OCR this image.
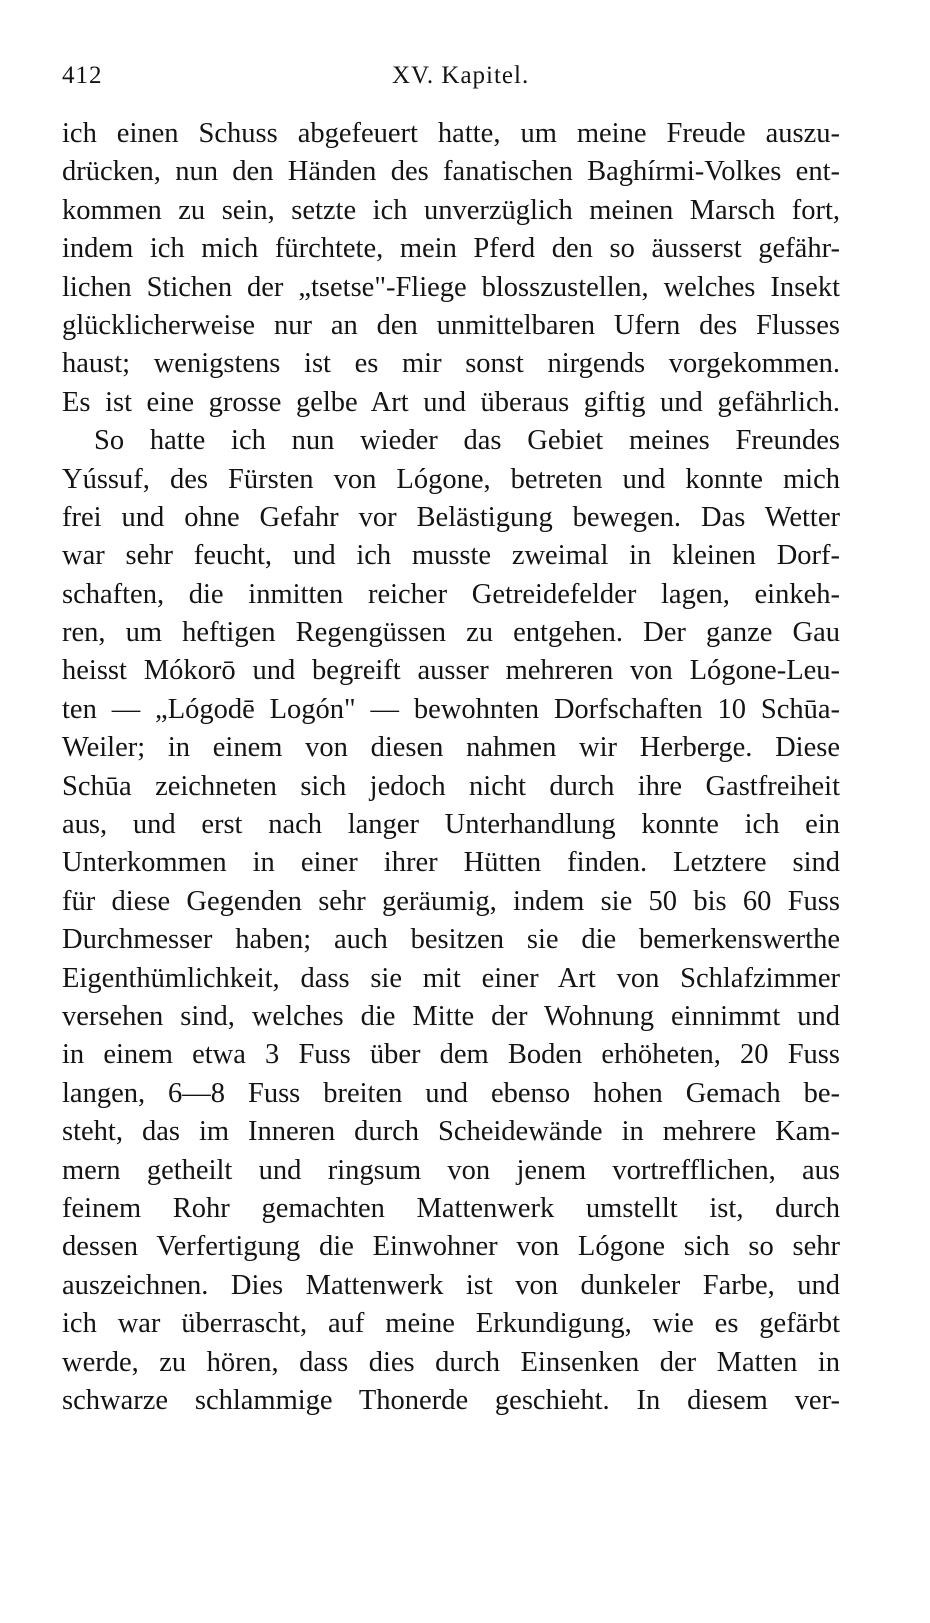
412	XV. Kapitel.
ich einen Schuss abgefeuert hatte, um meine Freude auszu-
drücken, nun den Händen des fanatischen Baghírmi-Volkes ent-
kommen zu sein, setzte ich unverzüglich meinen Marsch fort,
indem ich mich fürchtete, mein Pferd den so äusserst gefähr-
lichen Stichen der „tsetse"-Fliege blosszustellen, welches Insekt
glücklicherweise nur an den unmittelbaren Ufern des Flusses
haust; wenigstens ist es mir sonst nirgends vorgekommen.
Es ist eine grosse gelbe Art und überaus giftig und gefährlich.
So hatte ich nun wieder das Gebiet meines Freundes
Yússuf, des Fürsten von Lógone, betreten und konnte mich
frei und ohne Gefahr vor Belästigung bewegen. Das Wetter
war sehr feucht, und ich musste zweimal in kleinen Dorf-
schaften, die inmitten reicher Getreidefelder lagen, einkeh-
ren, um heftigen Regengüssen zu entgehen. Der ganze Gau
heisst Mókorō und begreift ausser mehreren von Lógone-Leu-
ten — „Lógodē Logón" — bewohnten Dorfschaften 10 Schūa-
Weiler; in einem von diesen nahmen wir Herberge. Diese
Schūa zeichneten sich jedoch nicht durch ihre Gastfreiheit
aus, und erst nach langer Unterhandlung konnte ich ein
Unterkommen in einer ihrer Hütten finden. Letztere sind
für diese Gegenden sehr geräumig, indem sie 50 bis 60 Fuss
Durchmesser haben; auch besitzen sie die bemerkenswerthe
Eigenthümlichkeit, dass sie mit einer Art von Schlafzimmer
versehen sind, welches die Mitte der Wohnung einnimmt und
in einem etwa 3 Fuss über dem Boden erhöheten, 20 Fuss
langen, 6—8 Fuss breiten und ebenso hohen Gemach be-
steht, das im Inneren durch Scheidewände in mehrere Kam-
mern getheilt und ringsum von jenem vortrefflichen, aus
feinem Rohr gemachten Mattenwerk umstellt ist, durch
dessen Verfertigung die Einwohner von Lógone sich so sehr
auszeichnen. Dies Mattenwerk ist von dunkeler Farbe, und
ich war überrascht, auf meine Erkundigung, wie es gefärbt
werde, zu hören, dass dies durch Einsenken der Matten in
schwarze schlammige Thonerde geschieht. In diesem ver-
